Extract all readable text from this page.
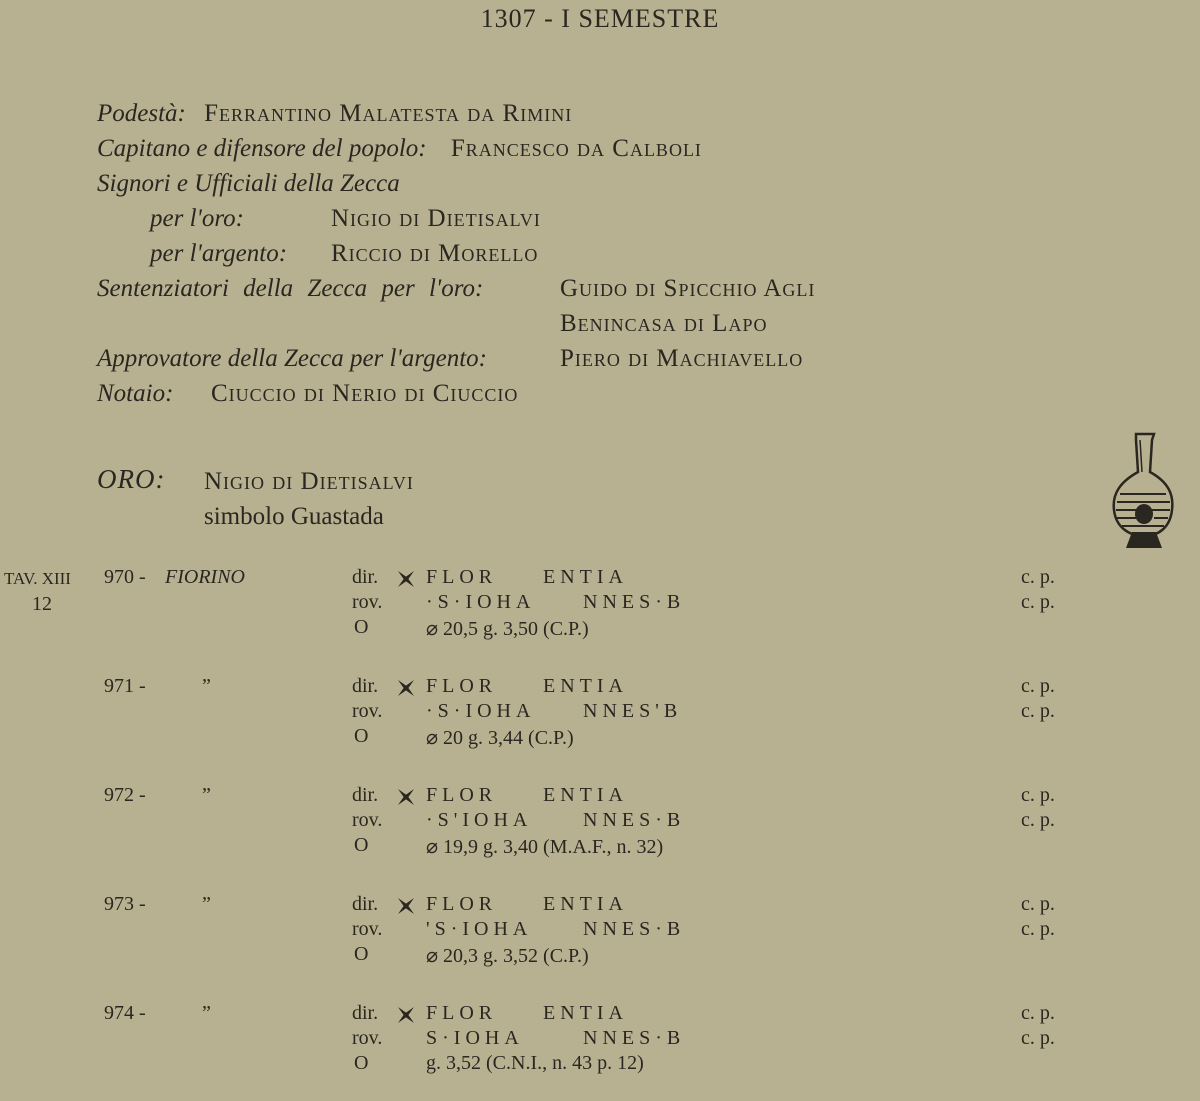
1307 - I SEMESTRE
Podestà: Ferrantino Malatesta da Rimini
Capitano e difensore del popolo: Francesco da Calboli
Signori e Ufficiali della Zecca
per l'oro:	Nigio di Dietisalvi
per l'argento: Riccio di Morello
Sentenziatori della Zecca per l'oro:	Guido di Spicchio Agli
Benincasa di Lapo
Approvatore della Zecca per l'argento:	Piero di Machiavello
Notaio: Ciuccio di Nerio di Ciuccio
ORO: Nigio di Dietisalvi
simbolo Guastada
TAV. XIII
12
970 - FIORINO	dir. FLOR ENTIA	c. p.
rov. ·S·IOHA NNES·B	c. p.
O	⌀ 20,5 g. 3,50 (C.P.)
971 -	”	dir. FLOR ENTIA	c. p.
rov. ·S·IOHA NNES'B	c. p.
O	⌀ 20 g. 3,44 (C.P.)
972 -	”	dir. FLOR ENTIA	c. p.
rov. ·S'IOHA	NNES·B	c. p.
O	⌀ 19,9 g. 3,40 (M.A.F., n. 32)
973 -	”	dir. FLOR ENTIA	c. p.
rov. 'S·IOHA	NNES·B	c. p.
O	⌀ 20,3 g. 3,52 (C.P.)
974 -	”	dir. FLOR ENTIA	c. p.
rov. S·IOHA	NNES·B	c. p.
O	g. 3,52 (C.N.I., n. 43 p. 12)
